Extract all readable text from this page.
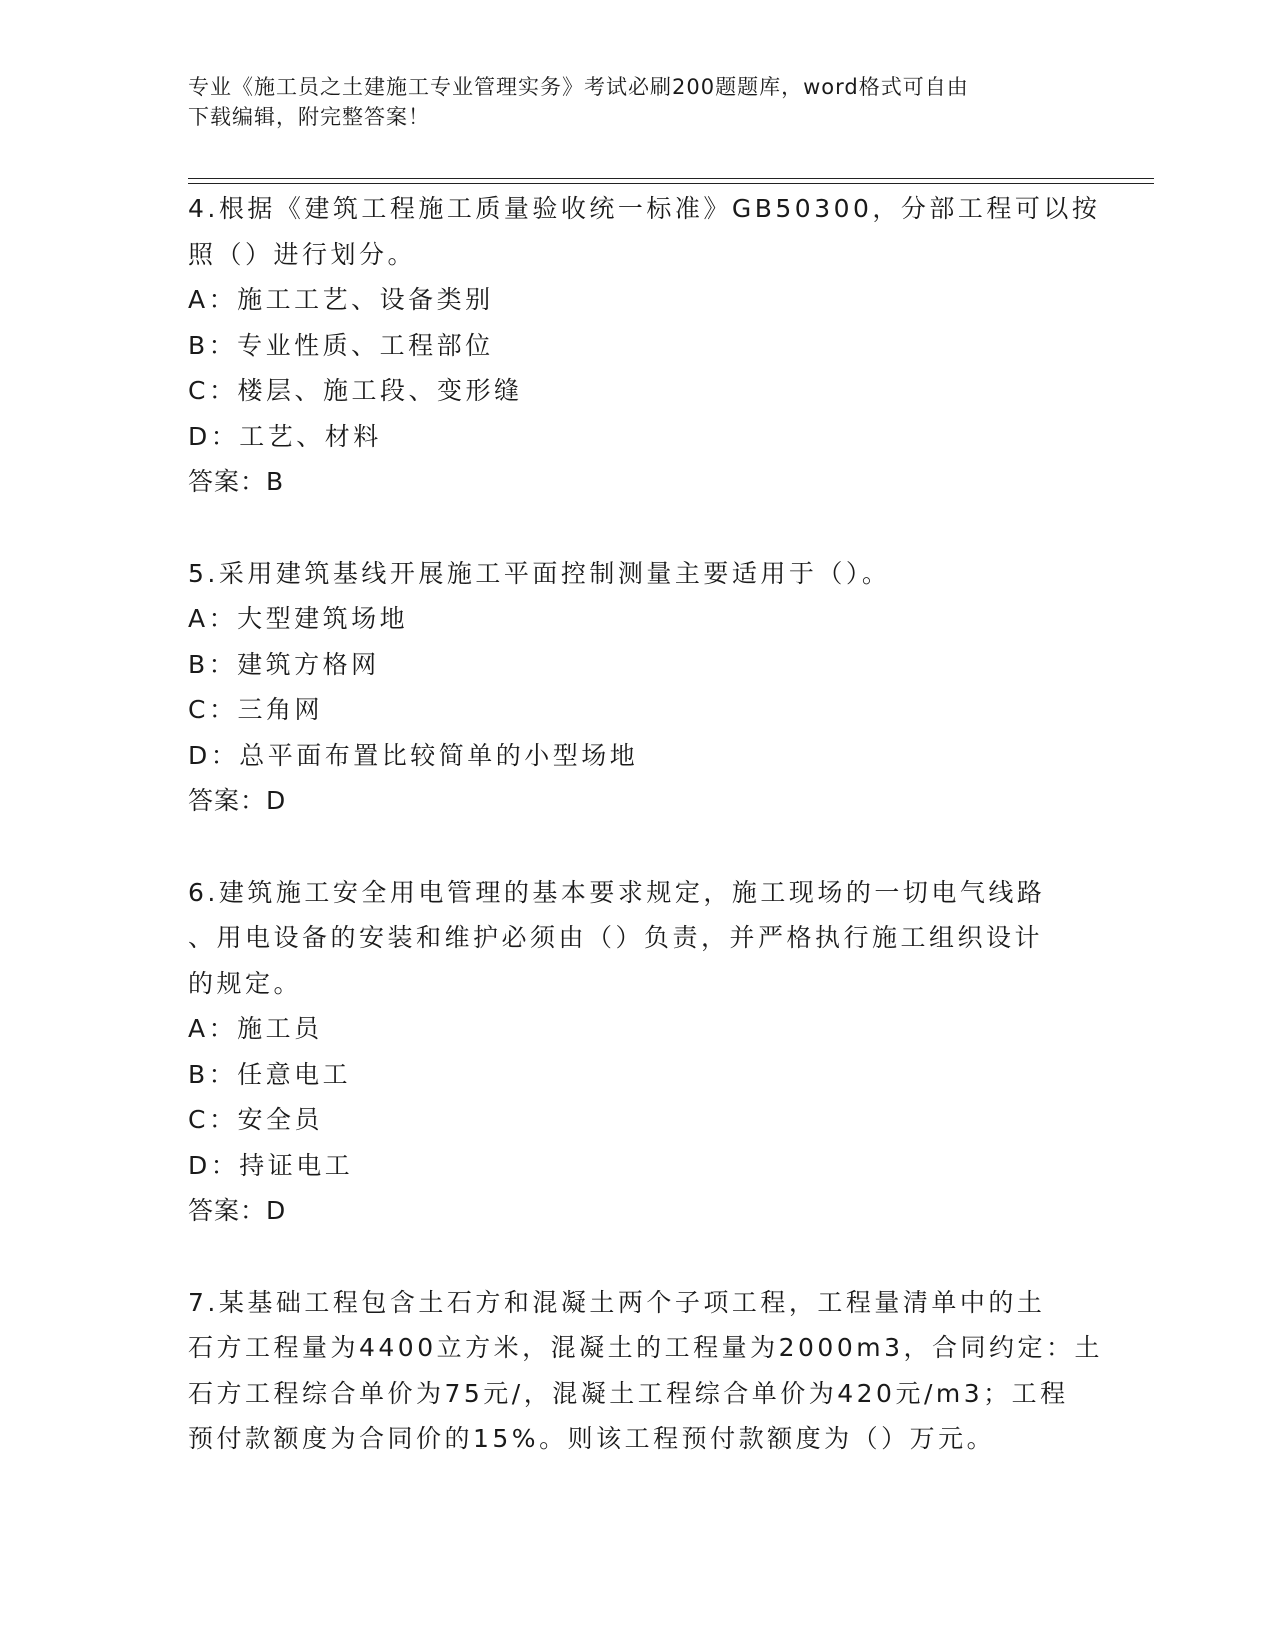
专业《施工员之土建施工专业管理实务》考试必刷200题题库，word格式可自由
下载编辑，附完整答案！
4.根据《建筑工程施工质量验收统一标准》GB50300，分部工程可以按
照（）进行划分。
A：施工工艺、设备类别
B：专业性质、工程部位
C：楼层、施工段、变形缝
D：工艺、材料
答案：B
5.采用建筑基线开展施工平面控制测量主要适用于（）。
A：大型建筑场地
B：建筑方格网
C：三角网
D：总平面布置比较简单的小型场地
答案：D
6.建筑施工安全用电管理的基本要求规定，施工现场的一切电气线路
、用电设备的安装和维护必须由（）负责，并严格执行施工组织设计
的规定。
A：施工员
B：任意电工
C：安全员
D：持证电工
答案：D
7.某基础工程包含土石方和混凝土两个子项工程，工程量清单中的土
石方工程量为4400立方米，混凝土的工程量为2000m3，合同约定：土
石方工程综合单价为75元/，混凝土工程综合单价为420元/m3；工程
预付款额度为合同价的15%。则该工程预付款额度为（）万元。
